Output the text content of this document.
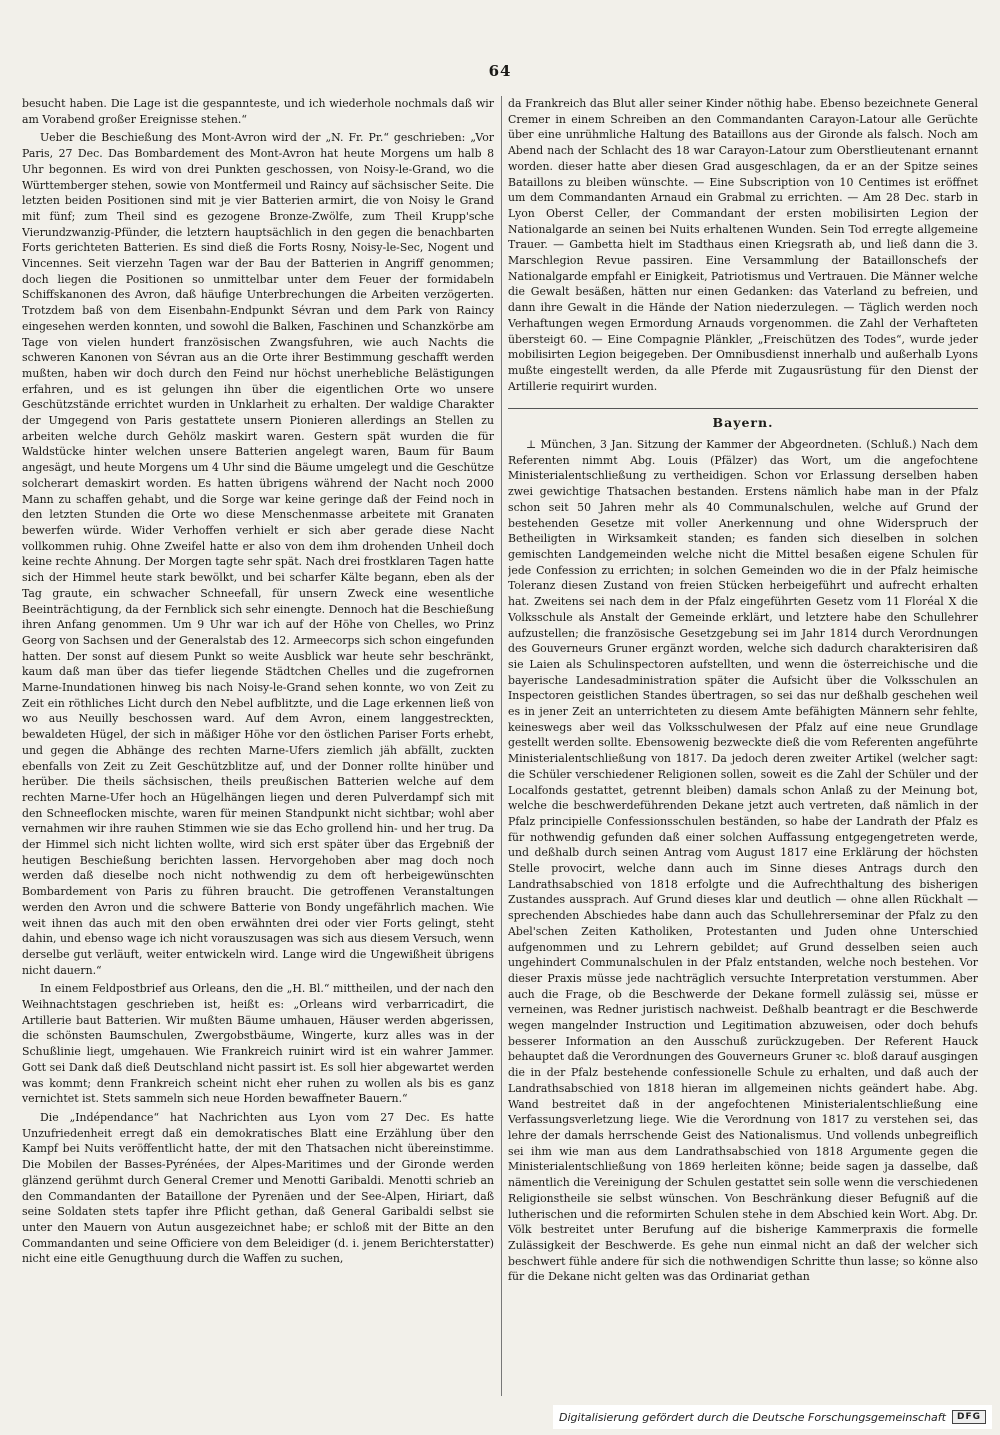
64

besucht haben. Die Lage ist die gespannteste, und ich wiederhole nochmals daß wir am Vorabend großer Ereignisse stehen.“

Ueber die Beschießung des Mont-Avron wird der „N. Fr. Pr.“ geschrieben: „Vor Paris, 27 Dec. Das Bombardement des Mont-Avron hat heute Morgens um halb 8 Uhr begonnen. Es wird von drei Punkten geschossen, von Noisy-le-Grand, wo die Württemberger stehen, sowie von Montfermeil und Raincy auf sächsischer Seite. Die letzten beiden Positionen sind mit je vier Batterien armirt, die von Noisy le Grand mit fünf; zum Theil sind es gezogene Bronze-Zwölfe, zum Theil Krupp'sche Vierundzwanzig-Pfünder, die letztern hauptsächlich in den gegen die benachbarten Forts gerichteten Batterien. Es sind dieß die Forts Rosny, Noisy-le-Sec, Nogent und Vincennes. Seit vierzehn Tagen war der Bau der Batterien in Angriff genommen; doch liegen die Positionen so unmittelbar unter dem Feuer der formidabeln Schiffskanonen des Avron, daß häufige Unterbrechungen die Arbeiten verzögerten. Trotzdem baß von dem Eisenbahn-Endpunkt Sévran und dem Park von Raincy eingesehen werden konnten, und sowohl die Balken, Faschinen und Schanzkörbe am Tage von vielen hundert französischen Zwangsfuhren, wie auch Nachts die schweren Kanonen von Sévran aus an die Orte ihrer Bestimmung geschafft werden mußten, haben wir doch durch den Feind nur höchst unerhebliche Belästigungen erfahren, und es ist gelungen ihn über die eigentlichen Orte wo unsere Geschützstände errichtet wurden in Unklarheit zu erhalten. Der waldige Charakter der Umgegend von Paris gestattete unsern Pionieren allerdings an Stellen zu arbeiten welche durch Gehölz maskirt waren. Gestern spät wurden die für Waldstücke hinter welchen unsere Batterien angelegt waren, Baum für Baum angesägt, und heute Morgens um 4 Uhr sind die Bäume umgelegt und die Geschütze solcherart demaskirt worden. Es hatten übrigens während der Nacht noch 2000 Mann zu schaffen gehabt, und die Sorge war keine geringe daß der Feind noch in den letzten Stunden die Orte wo diese Menschenmasse arbeitete mit Granaten bewerfen würde. Wider Verhoffen verhielt er sich aber gerade diese Nacht vollkommen ruhig. Ohne Zweifel hatte er also von dem ihm drohenden Unheil doch keine rechte Ahnung. Der Morgen tagte sehr spät. Nach drei frostklaren Tagen hatte sich der Himmel heute stark bewölkt, und bei scharfer Kälte begann, eben als der Tag graute, ein schwacher Schneefall, für unsern Zweck eine wesentliche Beeinträchtigung, da der Fernblick sich sehr einengte. Dennoch hat die Beschießung ihren Anfang genommen. Um 9 Uhr war ich auf der Höhe von Chelles, wo Prinz Georg von Sachsen und der Generalstab des 12. Armeecorps sich schon eingefunden hatten. Der sonst auf diesem Punkt so weite Ausblick war heute sehr beschränkt, kaum daß man über das tiefer liegende Städtchen Chelles und die zugefrornen Marne-Inundationen hinweg bis nach Noisy-le-Grand sehen konnte, wo von Zeit zu Zeit ein röthliches Licht durch den Nebel aufblitzte, und die Lage erkennen ließ von wo aus Neuilly beschossen ward. Auf dem Avron, einem langgestreckten, bewaldeten Hügel, der sich in mäßiger Höhe vor den östlichen Pariser Forts erhebt, und gegen die Abhänge des rechten Marne-Ufers ziemlich jäh abfällt, zuckten ebenfalls von Zeit zu Zeit Geschützblitze auf, und der Donner rollte hinüber und herüber. Die theils sächsischen, theils preußischen Batterien welche auf dem rechten Marne-Ufer hoch an Hügelhängen liegen und deren Pulverdampf sich mit den Schneeflocken mischte, waren für meinen Standpunkt nicht sichtbar; wohl aber vernahmen wir ihre rauhen Stimmen wie sie das Echo grollend hin- und her trug. Da der Himmel sich nicht lichten wollte, wird sich erst später über das Ergebniß der heutigen Beschießung berichten lassen. Hervorgehoben aber mag doch noch werden daß dieselbe noch nicht nothwendig zu dem oft herbeigewünschten Bombardement von Paris zu führen braucht. Die getroffenen Veranstaltungen werden den Avron und die schwere Batterie von Bondy ungefährlich machen. Wie weit ihnen das auch mit den oben erwähnten drei oder vier Forts gelingt, steht dahin, und ebenso wage ich nicht vorauszusagen was sich aus diesem Versuch, wenn derselbe gut verläuft, weiter entwickeln wird. Lange wird die Ungewißheit übrigens nicht dauern.“

In einem Feldpostbrief aus Orleans, den die „H. Bl.“ mittheilen, und der nach den Weihnachtstagen geschrieben ist, heißt es: „Orleans wird verbarricadirt, die Artillerie baut Batterien. Wir mußten Bäume umhauen, Häuser werden abgerissen, die schönsten Baumschulen, Zwergobstbäume, Wingerte, kurz alles was in der Schußlinie liegt, umgehauen. Wie Frankreich ruinirt wird ist ein wahrer Jammer. Gott sei Dank daß dieß Deutschland nicht passirt ist. Es soll hier abgewartet werden was kommt; denn Frankreich scheint nicht eher ruhen zu wollen als bis es ganz vernichtet ist. Stets sammeln sich neue Horden bewaffneter Bauern.“

Die „Indépendance“ hat Nachrichten aus Lyon vom 27 Dec. Es hatte Unzufriedenheit erregt daß ein demokratisches Blatt eine Erzählung über den Kampf bei Nuits veröffentlicht hatte, der mit den Thatsachen nicht übereinstimme. Die Mobilen der Basses-Pyrénées, der Alpes-Maritimes und der Gironde werden glänzend gerühmt durch General Cremer und Menotti Garibaldi. Menotti schrieb an den Commandanten der Bataillone der Pyrenäen und der See-Alpen, Hiriart, daß seine Soldaten stets tapfer ihre Pflicht gethan, daß General Garibaldi selbst sie unter den Mauern von Autun ausgezeichnet habe; er schloß mit der Bitte an den Commandanten und seine Officiere von dem Beleidiger (d. i. jenem Berichterstatter) nicht eine eitle Genugthuung durch die Waffen zu suchen,

da Frankreich das Blut aller seiner Kinder nöthig habe. Ebenso bezeichnete General Cremer in einem Schreiben an den Commandanten Carayon-Latour alle Gerüchte über eine unrühmliche Haltung des Bataillons aus der Gironde als falsch. Noch am Abend nach der Schlacht des 18 war Carayon-Latour zum Oberstlieutenant ernannt worden. dieser hatte aber diesen Grad ausgeschlagen, da er an der Spitze seines Bataillons zu bleiben wünschte. — Eine Subscription von 10 Centimes ist eröffnet um dem Commandanten Arnaud ein Grabmal zu errichten. — Am 28 Dec. starb in Lyon Oberst Celler, der Commandant der ersten mobilisirten Legion der Nationalgarde an seinen bei Nuits erhaltenen Wunden. Sein Tod erregte allgemeine Trauer. — Gambetta hielt im Stadthaus einen Kriegsrath ab, und ließ dann die 3. Marschlegion Revue passiren. Eine Versammlung der Bataillonschefs der Nationalgarde empfahl er Einigkeit, Patriotismus und Vertrauen. Die Männer welche die Gewalt besäßen, hätten nur einen Gedanken: das Vaterland zu befreien, und dann ihre Gewalt in die Hände der Nation niederzulegen. — Täglich werden noch Verhaftungen wegen Ermordung Arnauds vorgenommen. die Zahl der Verhafteten übersteigt 60. — Eine Compagnie Plänkler, „Freischützen des Todes“, wurde jeder mobilisirten Legion beigegeben. Der Omnibusdienst innerhalb und außerhalb Lyons mußte eingestellt werden, da alle Pferde mit Zugausrüstung für den Dienst der Artillerie requirirt wurden.

Bayern.

⊥ München, 3 Jan. Sitzung der Kammer der Abgeordneten. (Schluß.) Nach dem Referenten nimmt Abg. Louis (Pfälzer) das Wort, um die angefochtene Ministerialentschließung zu vertheidigen. Schon vor Erlassung derselben haben zwei gewichtige Thatsachen bestanden. Erstens nämlich habe man in der Pfalz schon seit 50 Jahren mehr als 40 Communalschulen, welche auf Grund der bestehenden Gesetze mit voller Anerkennung und ohne Widerspruch der Betheiligten in Wirksamkeit standen; es fanden sich dieselben in solchen gemischten Landgemeinden welche nicht die Mittel besaßen eigene Schulen für jede Confession zu errichten; in solchen Gemeinden wo die in der Pfalz heimische Toleranz diesen Zustand von freien Stücken herbeigeführt und aufrecht erhalten hat. Zweitens sei nach dem in der Pfalz eingeführten Gesetz vom 11 Floréal X die Volksschule als Anstalt der Gemeinde erklärt, und letztere habe den Schullehrer aufzustellen; die französische Gesetzgebung sei im Jahr 1814 durch Verordnungen des Gouverneurs Gruner ergänzt worden, welche sich dadurch charakterisiren daß sie Laien als Schulinspectoren aufstellten, und wenn die österreichische und die bayerische Landesadministration später die Aufsicht über die Volksschulen an Inspectoren geistlichen Standes übertragen, so sei das nur deßhalb geschehen weil es in jener Zeit an unterrichteten zu diesem Amte befähigten Männern sehr fehlte, keineswegs aber weil das Volksschulwesen der Pfalz auf eine neue Grundlage gestellt werden sollte. Ebensowenig bezweckte dieß die vom Referenten angeführte Ministerialentschließung von 1817. Da jedoch deren zweiter Artikel (welcher sagt: die Schüler verschiedener Religionen sollen, soweit es die Zahl der Schüler und der Localfonds gestattet, getrennt bleiben) damals schon Anlaß zu der Meinung bot, welche die beschwerdeführenden Dekane jetzt auch vertreten, daß nämlich in der Pfalz principielle Confessionsschulen beständen, so habe der Landrath der Pfalz es für nothwendig gefunden daß einer solchen Auffassung entgegengetreten werde, und deßhalb durch seinen Antrag vom August 1817 eine Erklärung der höchsten Stelle provocirt, welche dann auch im Sinne dieses Antrags durch den Landrathsabschied von 1818 erfolgte und die Aufrechthaltung des bisherigen Zustandes aussprach. Auf Grund dieses klar und deutlich — ohne allen Rückhalt — sprechenden Abschiedes habe dann auch das Schullehrerseminar der Pfalz zu den Abel'schen Zeiten Katholiken, Protestanten und Juden ohne Unterschied aufgenommen und zu Lehrern gebildet; auf Grund desselben seien auch ungehindert Communalschulen in der Pfalz entstanden, welche noch bestehen. Vor dieser Praxis müsse jede nachträglich versuchte Interpretation verstummen. Aber auch die Frage, ob die Beschwerde der Dekane formell zulässig sei, müsse er verneinen, was Redner juristisch nachweist. Deßhalb beantragt er die Beschwerde wegen mangelnder Instruction und Legitimation abzuweisen, oder doch behufs besserer Information an den Ausschuß zurückzugeben. Der Referent Hauck behauptet daß die Verordnungen des Gouverneurs Gruner ꝛc. bloß darauf ausgingen die in der Pfalz bestehende confessionelle Schule zu erhalten, und daß auch der Landrathsabschied von 1818 hieran im allgemeinen nichts geändert habe. Abg. Wand bestreitet daß in der angefochtenen Ministerialentschließung eine Verfassungsverletzung liege. Wie die Verordnung von 1817 zu verstehen sei, das lehre der damals herrschende Geist des Nationalismus. Und vollends unbegreiflich sei ihm wie man aus dem Landrathsabschied von 1818 Argumente gegen die Ministerialentschließung von 1869 herleiten könne; beide sagen ja dasselbe, daß nämentlich die Vereinigung der Schulen gestattet sein solle wenn die verschiedenen Religionstheile sie selbst wünschen. Von Beschränkung dieser Befugniß auf die lutherischen und die reformirten Schulen stehe in dem Abschied kein Wort. Abg. Dr. Völk bestreitet unter Berufung auf die bisherige Kammerpraxis die formelle Zulässigkeit der Beschwerde. Es gehe nun einmal nicht an daß der welcher sich beschwert fühle andere für sich die nothwendigen Schritte thun lasse; so könne also für die Dekane nicht gelten was das Ordinariat gethan

Digitalisierung gefördert durch die Deutsche Forschungsgemeinschaft	DFG
